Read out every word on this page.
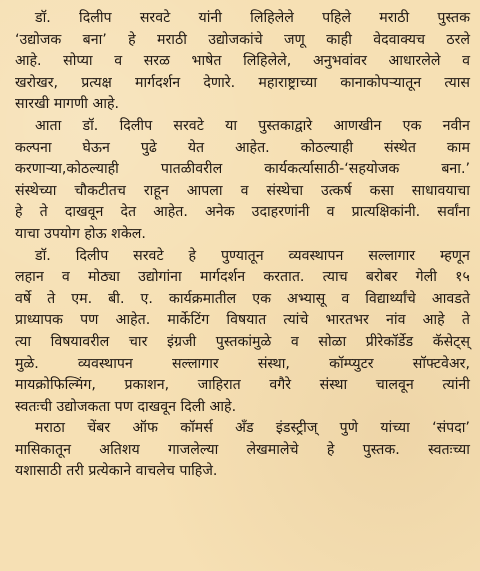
डॉ. दिलीप सरवटे यांनी लिहिलेले पहिले मराठी पुस्तक
‘उद्योजक बना’ हे मराठी उद्योजकांचे जणू काही वेदवाक्यच ठरले
आहे. सोप्या व सरळ भाषेत लिहिलेले, अनुभवांवर आधारलेले व
खरोखर, प्रत्यक्ष मार्गदर्शन देणारे. महाराष्ट्राच्या कानाकोपऱ्यातून त्यास
सारखी मागणी आहे.
आता डॉ. दिलीप सरवटे या पुस्तकाद्वारे आणखीन एक नवीन
कल्पना घेऊन पुढे येत आहेत. कोठल्याही संस्थेत काम
करणाऱ्या,कोठल्याही	पातळीवरील	कार्यकर्त्यासाठी-‘सहयोजक	बना.’
संस्थेच्या चौकटीतच राहून आपला व संस्थेचा उत्कर्ष कसा साधावयाचा
हे ते दाखवून देत आहेत. अनेक उदाहरणांनी व प्रात्यक्षिकांनी. सर्वांना
याचा उपयोग होऊ शकेल.
डॉ. दिलीप सरवटे हे पुण्यातून व्यवस्थापन सल्लागार म्हणून
लहान व मोठ्या उद्योगांना मार्गदर्शन करतात. त्याच बरोबर गेली १५
वर्षे ते एम. बी. ए. कार्यक्रमातील एक अभ्यासू व विद्यार्थ्यांचे आवडते
प्राध्यापक पण आहेत. मार्केटिंग विषयात त्यांचे भारतभर नांव आहे ते
त्या विषयावरील चार इंग्रजी पुस्तकांमुळे व सोळा प्रीरेकॉर्डेड कॅसेट्स्
मुळे.	व्यवस्थापन	सल्लागार	संस्था,	कॉम्प्युटर	सॉफ्टवेअर,
मायक्रोफिल्मिंग, प्रकाशन, जाहिरात वगैरे संस्था चालवून त्यांनी
स्वतःची उद्योजकता पण दाखवून दिली आहे.
मराठा चेंबर ऑफ कॉमर्स अँड इंडस्ट्रीज् पुणे यांच्या ‘संपदा’
मासिकातून अतिशय गाजलेल्या लेखमालेचे हे पुस्तक. स्वतःच्या
यशासाठी तरी प्रत्येकाने वाचलेच पाहिजे.
